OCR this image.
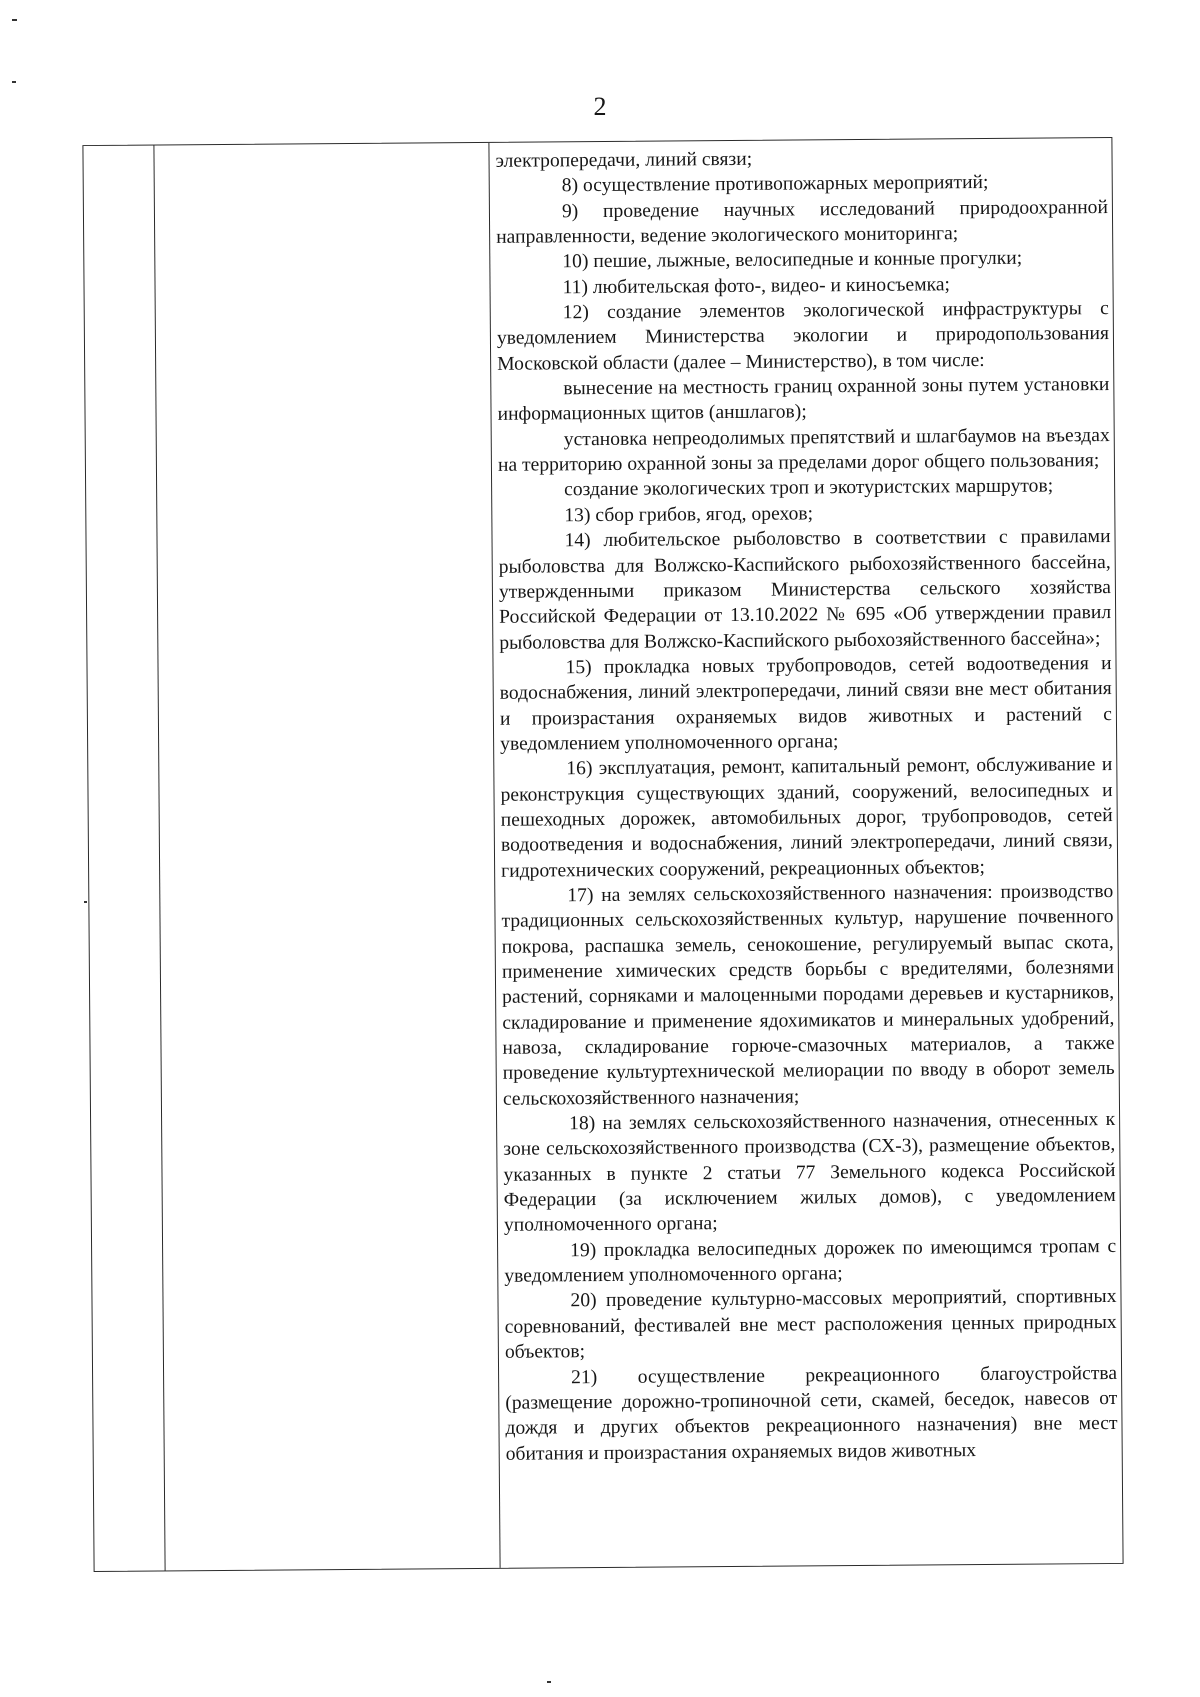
2

электропередачи, линий связи;

8) осуществление противопожарных мероприятий;

9) проведение научных исследований природоохранной направленности, ведение экологического мониторинга;

10) пешие, лыжные, велосипедные и конные прогулки;

11) любительская фото-, видео- и киносъемка;

12) создание элементов экологической инфраструктуры с уведомлением Министерства экологии и природопользования Московской области (далее – Министерство), в том числе:

вынесение на местность границ охранной зоны путем установки информационных щитов (аншлагов);

установка непреодолимых препятствий и шлагбаумов на въездах на территорию охранной зоны за пределами дорог общего пользования;

создание экологических троп и экотуристских маршрутов;

13) сбор грибов, ягод, орехов;

14) любительское рыболовство в соответствии с правилами рыболовства для Волжско-Каспийского рыбохозяйственного бассейна, утвержденными приказом Министерства сельского хозяйства Российской Федерации от 13.10.2022 № 695 «Об утверждении правил рыболовства для Волжско-Каспийского рыбохозяйственного бассейна»;

15) прокладка новых трубопроводов, сетей водоотведения и водоснабжения, линий электропередачи, линий связи вне мест обитания и произрастания охраняемых видов животных и растений с уведомлением уполномоченного органа;

16) эксплуатация, ремонт, капитальный ремонт, обслуживание и реконструкция существующих зданий, сооружений, велосипедных и пешеходных дорожек, автомобильных дорог, трубопроводов, сетей водоотведения и водоснабжения, линий электропередачи, линий связи, гидротехнических сооружений, рекреационных объектов;

17) на землях сельскохозяйственного назначения: производство традиционных сельскохозяйственных культур, нарушение почвенного покрова, распашка земель, сенокошение, регулируемый выпас скота, применение химических средств борьбы с вредителями, болезнями растений, сорняками и малоценными породами деревьев и кустарников, складирование и применение ядохимикатов и минеральных удобрений, навоза, складирование горюче-смазочных материалов, а также проведение культуртехнической мелиорации по вводу в оборот земель сельскохозяйственного назначения;

18) на землях сельскохозяйственного назначения, отнесенных к зоне сельскохозяйственного производства (СХ-3), размещение объектов, указанных в пункте 2 статьи 77 Земельного кодекса Российской Федерации (за исключением жилых домов), с уведомлением уполномоченного органа;

19) прокладка велосипедных дорожек по имеющимся тропам с уведомлением уполномоченного органа;

20) проведение культурно-массовых мероприятий, спортивных соревнований, фестивалей вне мест расположения ценных природных объектов;

21) осуществление рекреационного благоустройства (размещение дорожно-тропиночной сети, скамей, беседок, навесов от дождя и других объектов рекреационного назначения) вне мест обитания и произрастания охраняемых видов животных
